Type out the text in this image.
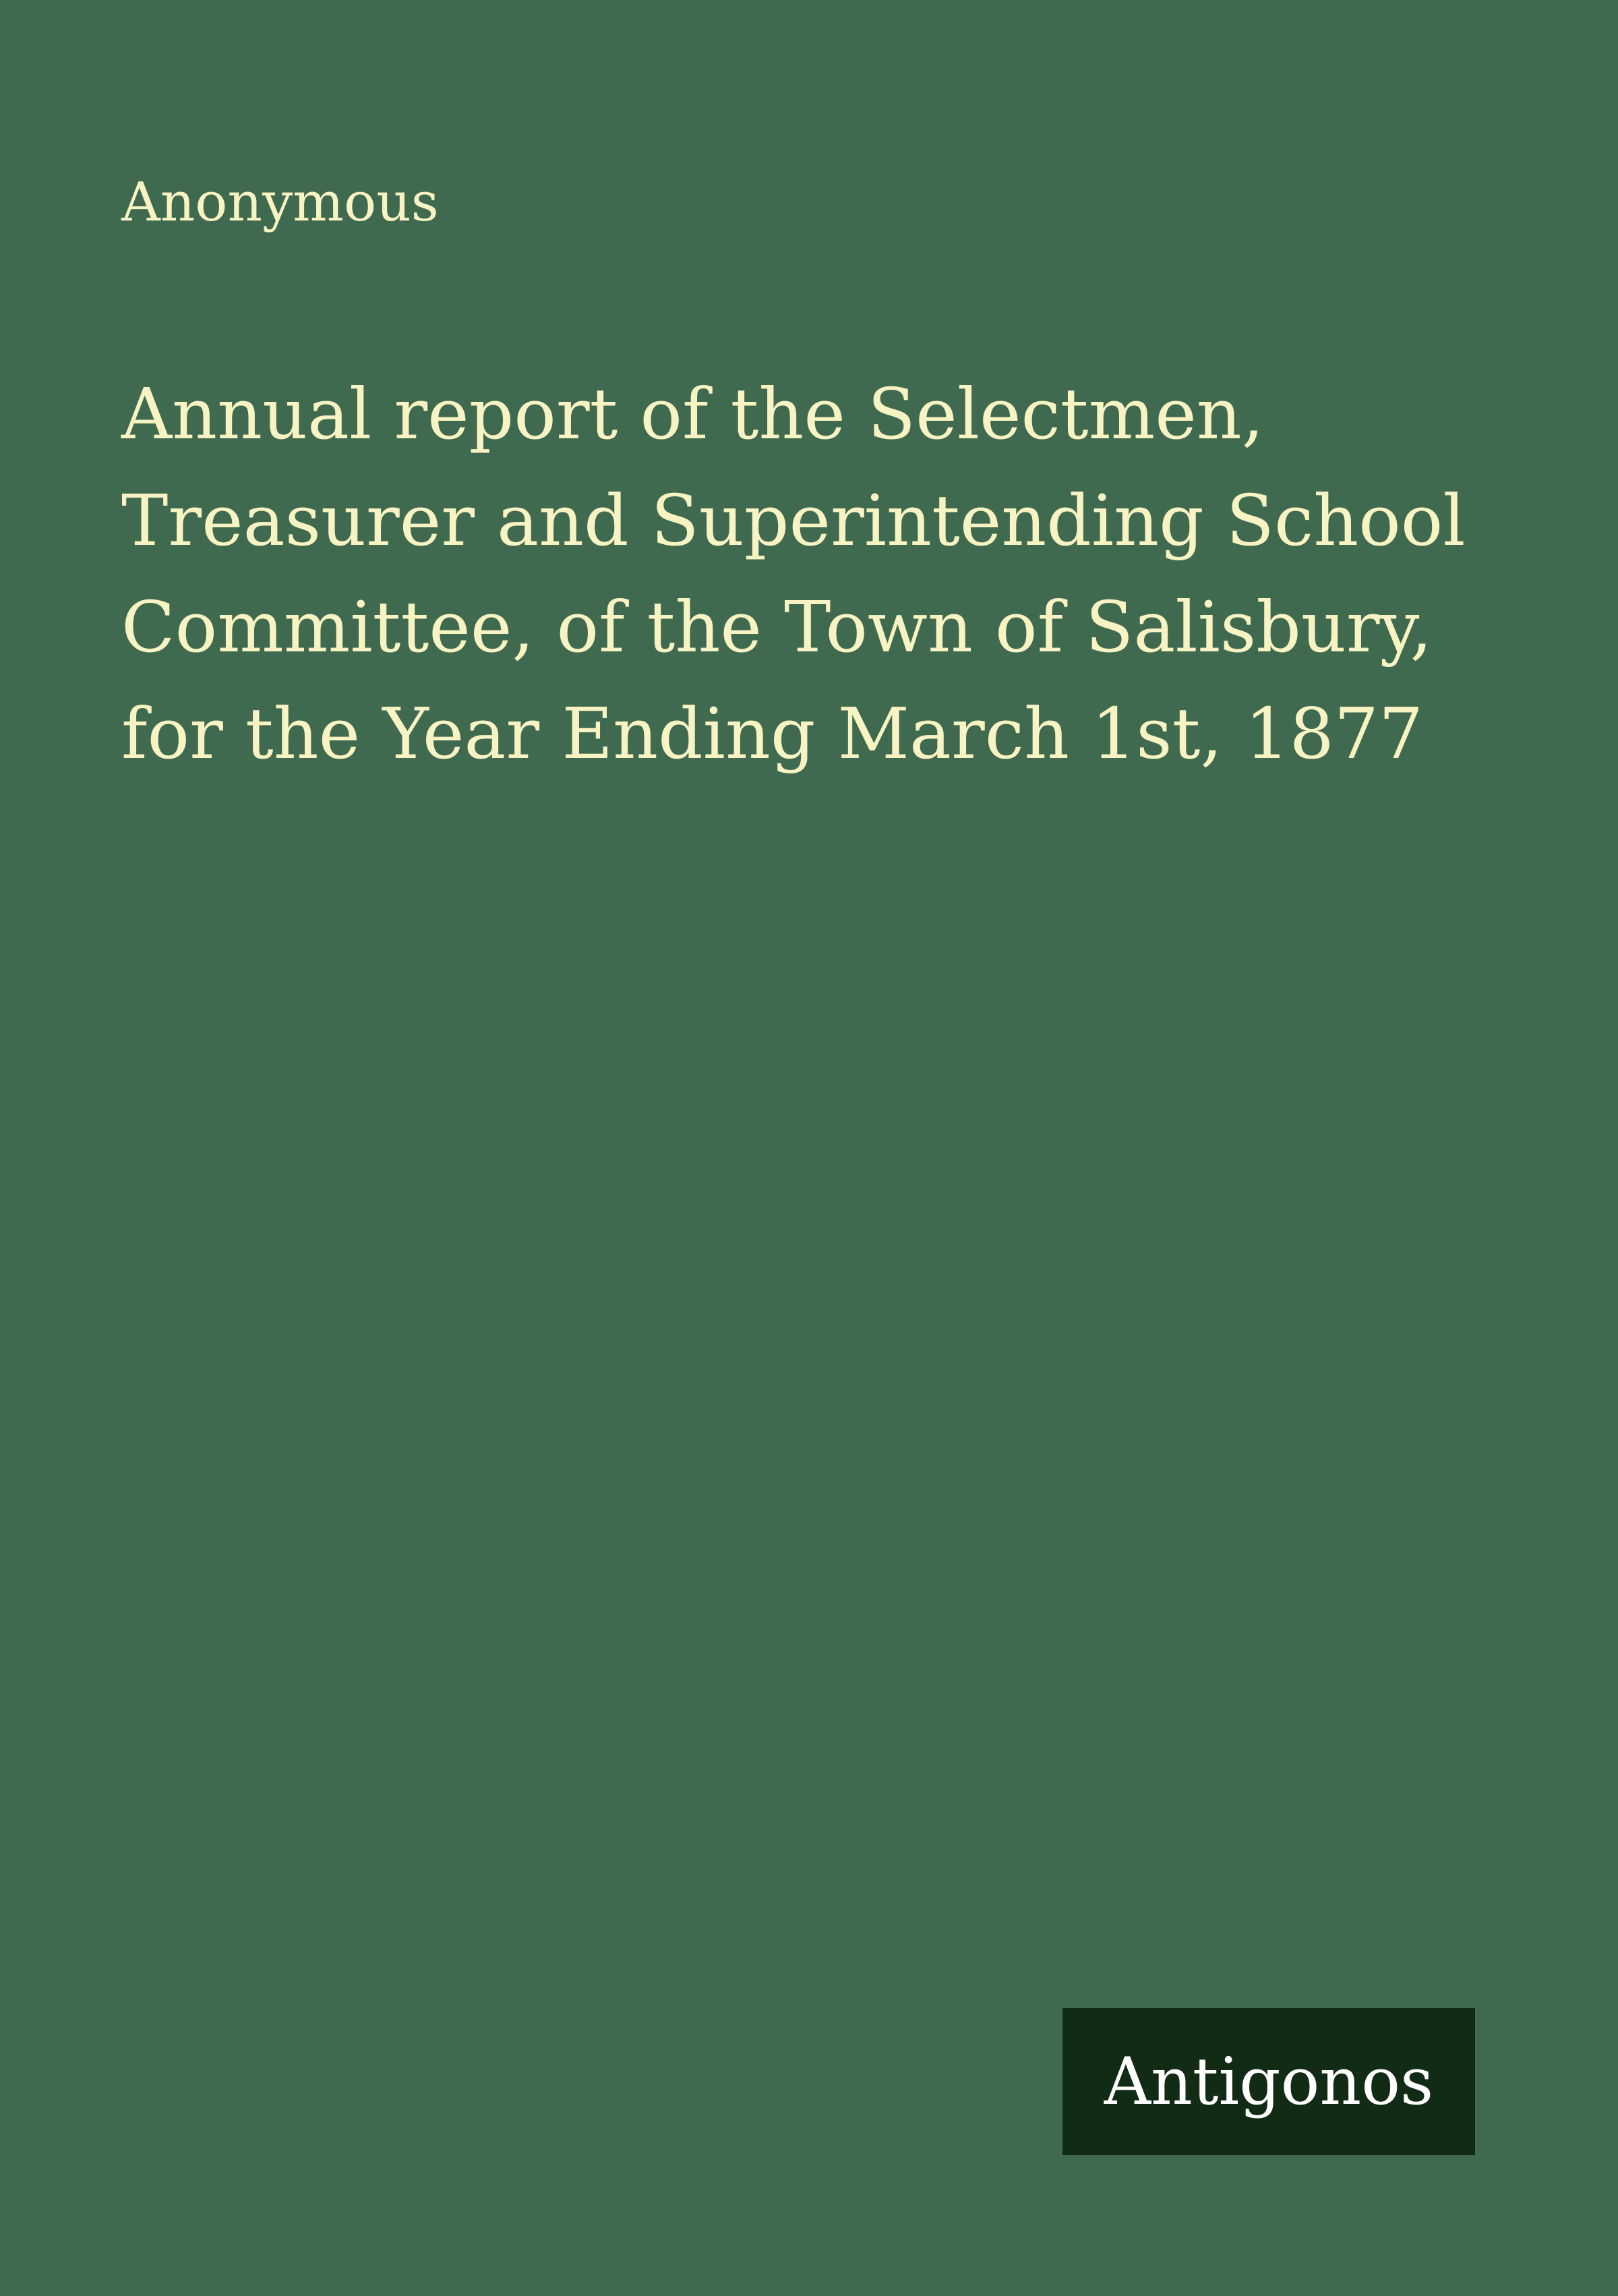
Anonymous

Annual report of the Selectmen, Treasurer and Superintending School Committee, of the Town of Salisbury, for the Year Ending March 1st, 1877
Antigonos
